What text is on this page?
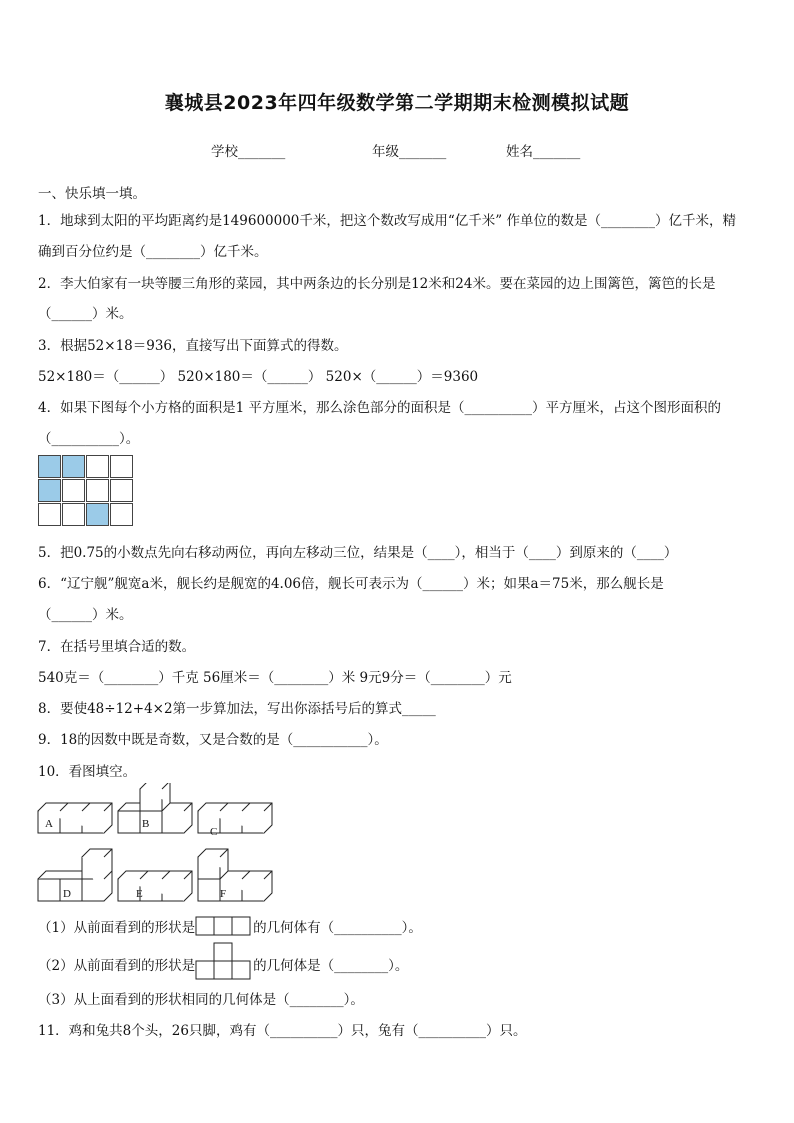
襄城县2023年四年级数学第二学期期末检测模拟试题
学校_______	年级_______	姓名_______
一、快乐填一填。
1．地球到太阳的平均距离约是149600000千米，把这个数改写成用“亿千米” 作单位的数是（________）亿千米，精
确到百分位约是（________）亿千米。
2．李大伯家有一块等腰三角形的菜园，其中两条边的长分别是12米和24米。要在菜园的边上围篱笆，篱笆的长是
（______）米。
3．根据52×18＝936，直接写出下面算式的得数。
52×180＝（______） 520×180＝（______） 520×（______）＝9360
4．如果下图每个小方格的面积是1 平方厘米，那么涂色部分的面积是（__________）平方厘米，占这个图形面积的
（__________）。
5．把0.75的小数点先向右移动两位，再向左移动三位，结果是（____），相当于（____）到原来的（____）
6．“辽宁舰”舰宽a米，舰长约是舰宽的4.06倍，舰长可表示为（______）米；如果a＝75米，那么舰长是
（______）米。
7．在括号里填合适的数。
540克＝（________）千克 56厘米＝（________）米 9元9分＝（________）元
8．要使48÷12+4×2第一步算加法，写出你添括号后的算式_____
9．18的因数中既是奇数，又是合数的是（___________）。
10．看图填空。
A	B
C
D	E	F
（1）从前面看到的形状是	的几何体有（__________）。
（2）从前面看到的形状是	的几何体是（________）。
（3）从上面看到的形状相同的几何体是（________）。
11．鸡和兔共8个头，26只脚，鸡有（__________）只，兔有（__________）只。
